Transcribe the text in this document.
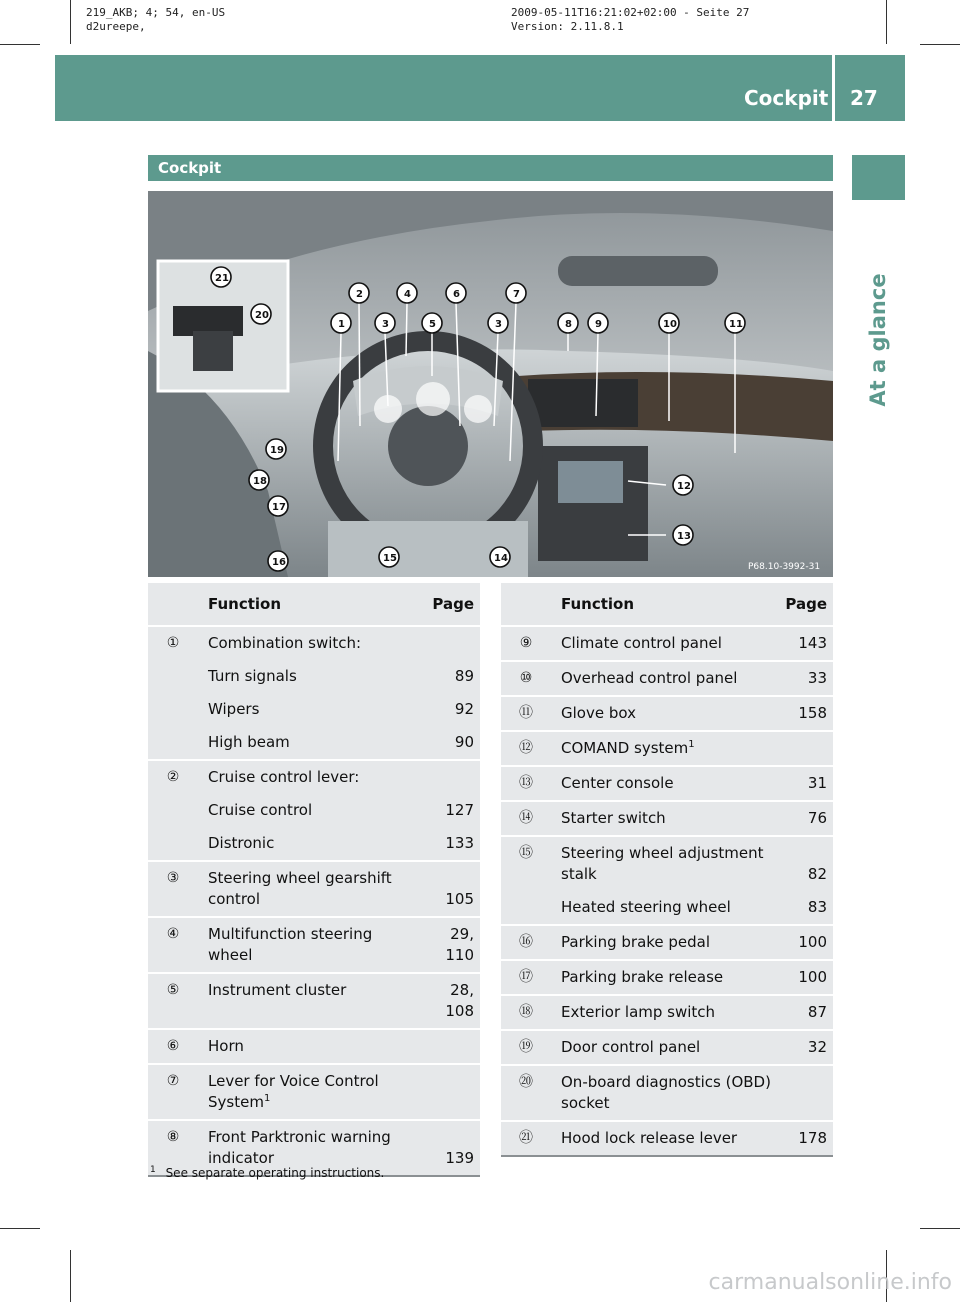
219_AKB; 4; 54, en-US
d2ureepe,
2009-05-11T16:21:02+02:00 - Seite 27
Version: 2.11.8.1
Cockpit 27
At a glance
Cockpit
P68.10-3992-31
1
2
3
4
5
6
3
7
8 9	10	11
12
13
14
15
16
17
18
19
20
21
	Function	Page
①	Combination switch:	
	Turn signals	89
	Wipers	92
	High beam	90
②	Cruise control lever:	
	Cruise control	127
	Distronic	133
③	Steering wheel gearshift control	105
④	Multifunction steering wheel	29, 110
⑤	Instrument cluster	28, 108
⑥	Horn	
⑦	Lever for Voice Control System$^1$	
⑧	Front Parktronic warning indicator	139
	Function	Page
⑨	Climate control panel	143
⑩	Overhead control panel	33
⑪	Glove box	158
⑫	COMAND system$^1$	
⑬	Center console	31
⑭	Starter switch	76
⑮	Steering wheel adjustment stalk	82
	Heated steering wheel	83
⑯	Parking brake pedal	100
⑰	Parking brake release	100
⑱	Exterior lamp switch	87
⑲	Door control panel	32
⑳	On-board diagnostics (OBD) socket	
㉑	Hood lock release lever	178
$^1$ See separate operating instructions.
carmanualsonline.info
